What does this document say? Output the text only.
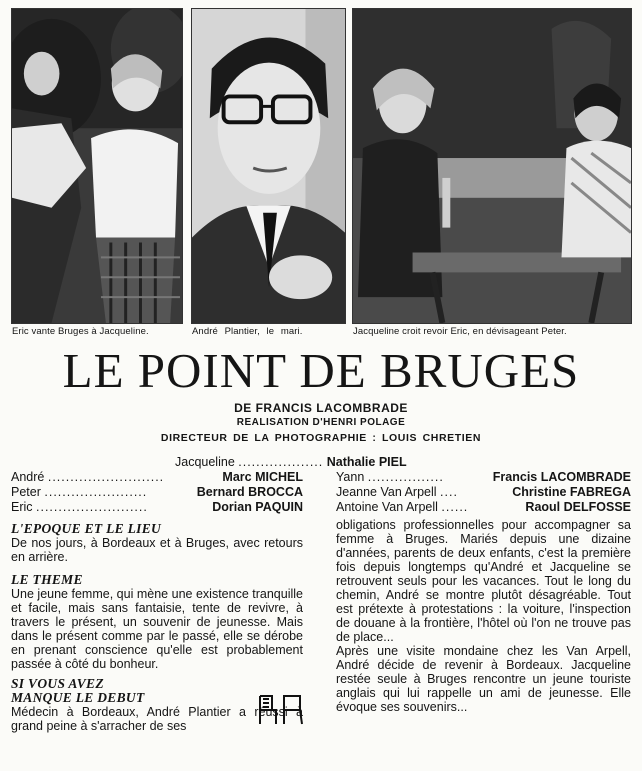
Eric vante Bruges à Jacqueline.	André Plantier, le mari.	Jacqueline croit revoir Eric, en dévisageant Peter.
LE POINT DE BRUGES
DE FRANCIS LACOMBRADE
REALISATION D'HENRI POLAGE
DIRECTEUR DE LA PHOTOGRAPHIE : LOUIS CHRETIEN
Jacqueline ................... Nathalie PIEL
André ..........................	Marc MICHEL
Peter .......................	Bernard BROCCA
Eric .........................	Dorian PAQUIN
Yann .................	Francis LACOMBRADE
Jeanne Van Arpell ....	Christine FABREGA
Antoine Van Arpell ......	Raoul DELFOSSE
L'EPOQUE ET LE LIEU
De nos jours, à Bordeaux et à Bruges, avec retours en arrière.
LE THEME
Une jeune femme, qui mène une existence tranquille et facile, mais sans fantaisie, tente de revivre, à travers le présent, un souvenir de jeunesse. Mais dans le présent comme par le passé, elle se dérobe en prenant conscience qu'elle est probablement passée à côté du bonheur.
SI VOUS AVEZ
MANQUE LE DEBUT
Médecin à Bordeaux, André Plantier a réussi à grand peine à s'arracher de ses
obligations professionnelles pour accompagner sa femme à Bruges. Mariés depuis une dizaine d'années, parents de deux enfants, c'est la première fois depuis longtemps qu'André et Jacqueline se retrouvent seuls pour les vacances. Tout le long du chemin, André se montre plutôt désagréable. Tout est prétexte à protestations : la voiture, l'inspection de douane à la frontière, l'hôtel où l'on ne trouve pas de place...
Après une visite mondaine chez les Van Arpell, André décide de revenir à Bordeaux. Jacqueline restée seule à Bruges rencontre un jeune touriste anglais qui lui rappelle un ami de jeunesse. Elle évoque ses souvenirs...
